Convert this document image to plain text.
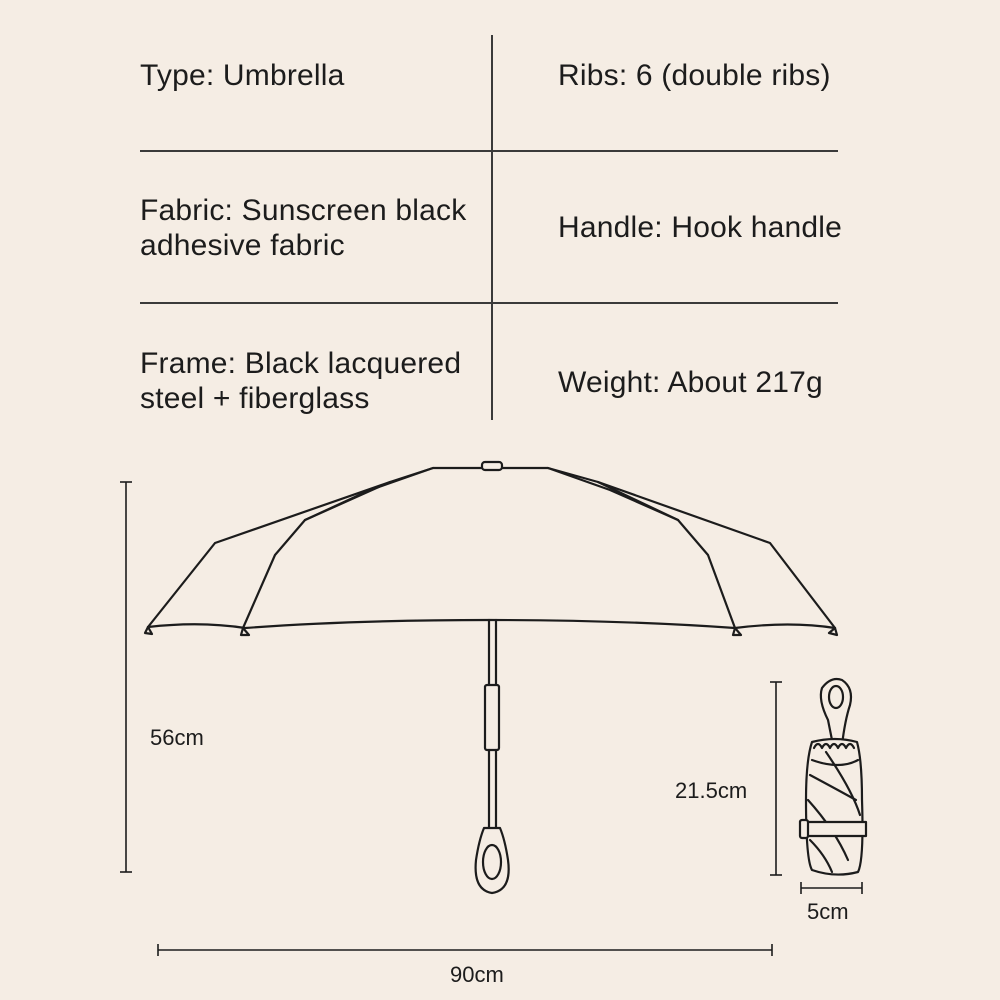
Type: Umbrella	Ribs: 6 (double ribs)
Fabric: Sunscreen black adhesive fabric
Handle: Hook handle
Frame: Black lacquered steel + fiberglass	Weight: About 217g
56cm
90cm
21.5cm
5cm
